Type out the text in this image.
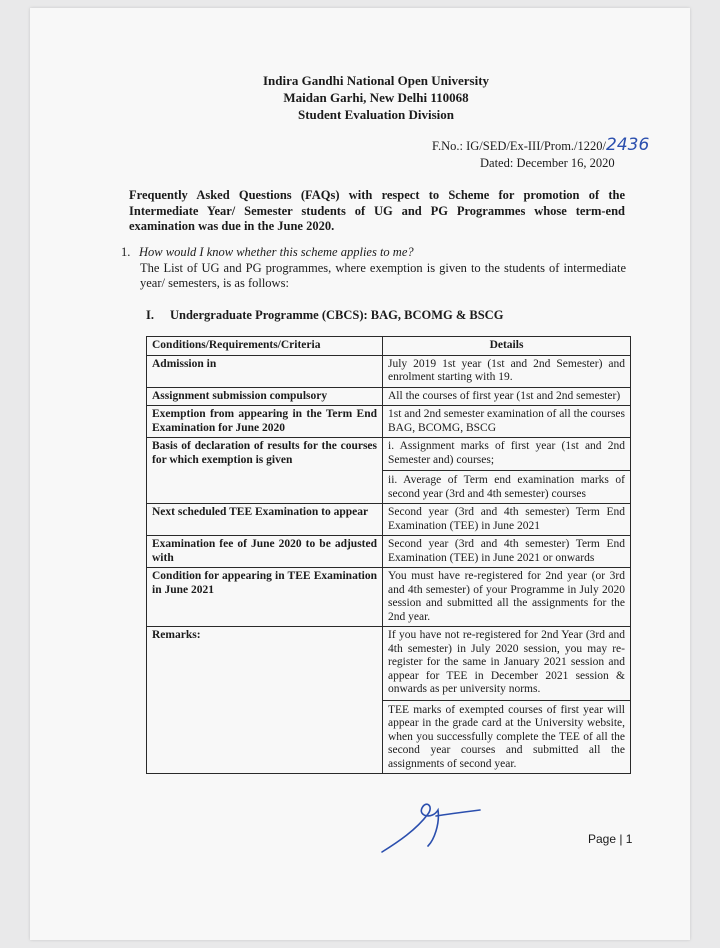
Indira Gandhi National Open University
Maidan Garhi, New Delhi 110068
Student Evaluation Division
F.No.: IG/SED/Ex-III/Prom./1220/2436
Dated: December 16, 2020
Frequently Asked Questions (FAQs) with respect to Scheme for promotion of the Intermediate Year/ Semester students of UG and PG Programmes whose term-end examination was due in the June 2020.
1. How would I know whether this scheme applies to me?
The List of UG and PG programmes, where exemption is given to the students of intermediate year/ semesters, is as follows:
I. Undergraduate Programme (CBCS): BAG, BCOMG & BSCG
Conditions/Requirements/Criteria	Details
Admission in	July 2019 1st year (1st and 2nd Semester) and enrolment starting with 19.
Assignment submission compulsory	All the courses of first year (1st and 2nd semester)
Exemption from appearing in the Term End Examination for June 2020	1st and 2nd semester examination of all the courses BAG, BCOMG, BSCG
Basis of declaration of results for the courses for which exemption is given	i. Assignment marks of first year (1st and 2nd Semester and) courses;
ii. Average of Term end examination marks of second year (3rd and 4th semester) courses

Next scheduled TEE Examination to appear	Second year (3rd and 4th semester) Term End Examination (TEE) in June 2021
Examination fee of June 2020 to be adjusted with	Second year (3rd and 4th semester) Term End Examination (TEE) in June 2021 or onwards
Condition for appearing in TEE Examination in June 2021	You must have re-registered for 2nd year (or 3rd and 4th semester) of your Programme in July 2020 session and submitted all the assignments for the 2nd year.
Remarks:	If you have not re-registered for 2nd Year (3rd and 4th semester) in July 2020 session, you may re-register for the same in January 2021 session and appear for TEE in December 2021 session & onwards as per university norms.
TEE marks of exempted courses of first year will appear in the grade card at the University website, when you successfully complete the TEE of all the second year courses and submitted all the assignments of second year.
Page | 1
